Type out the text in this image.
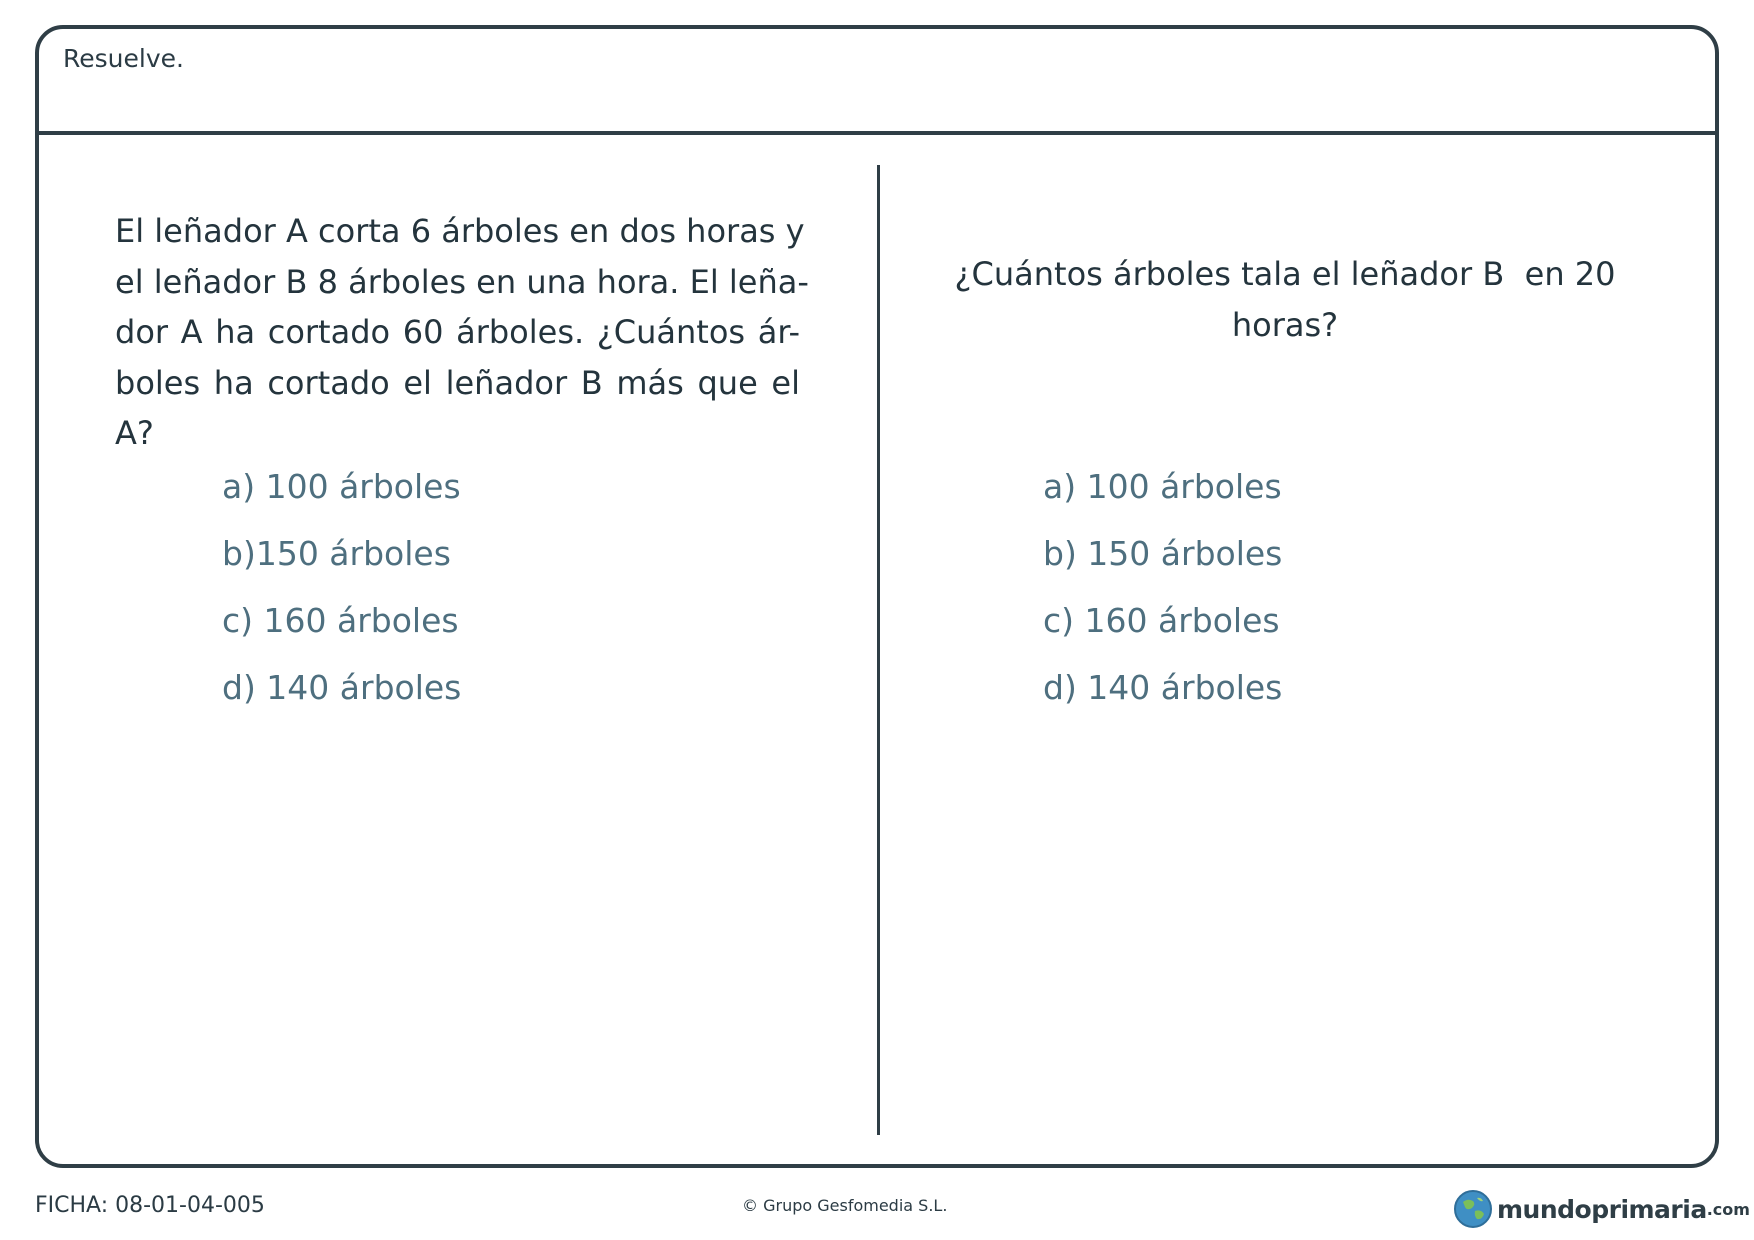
Resuelve.
El leñador A corta 6 árboles en dos horas y
el leñador B 8 árboles en una hora. El leña-
dor A ha cortado 60 árboles. ¿Cuántos ár-
boles ha cortado el leñador B más que el
A?
a) 100 árboles
b)150 árboles
c) 160 árboles
d) 140 árboles
¿Cuántos árboles tala el leñador B  en 20
horas?
a) 100 árboles
b) 150 árboles
c) 160 árboles
d) 140 árboles
FICHA: 08-01-04-005	© Grupo Gesfomedia S.L.	mundoprimaria .com
